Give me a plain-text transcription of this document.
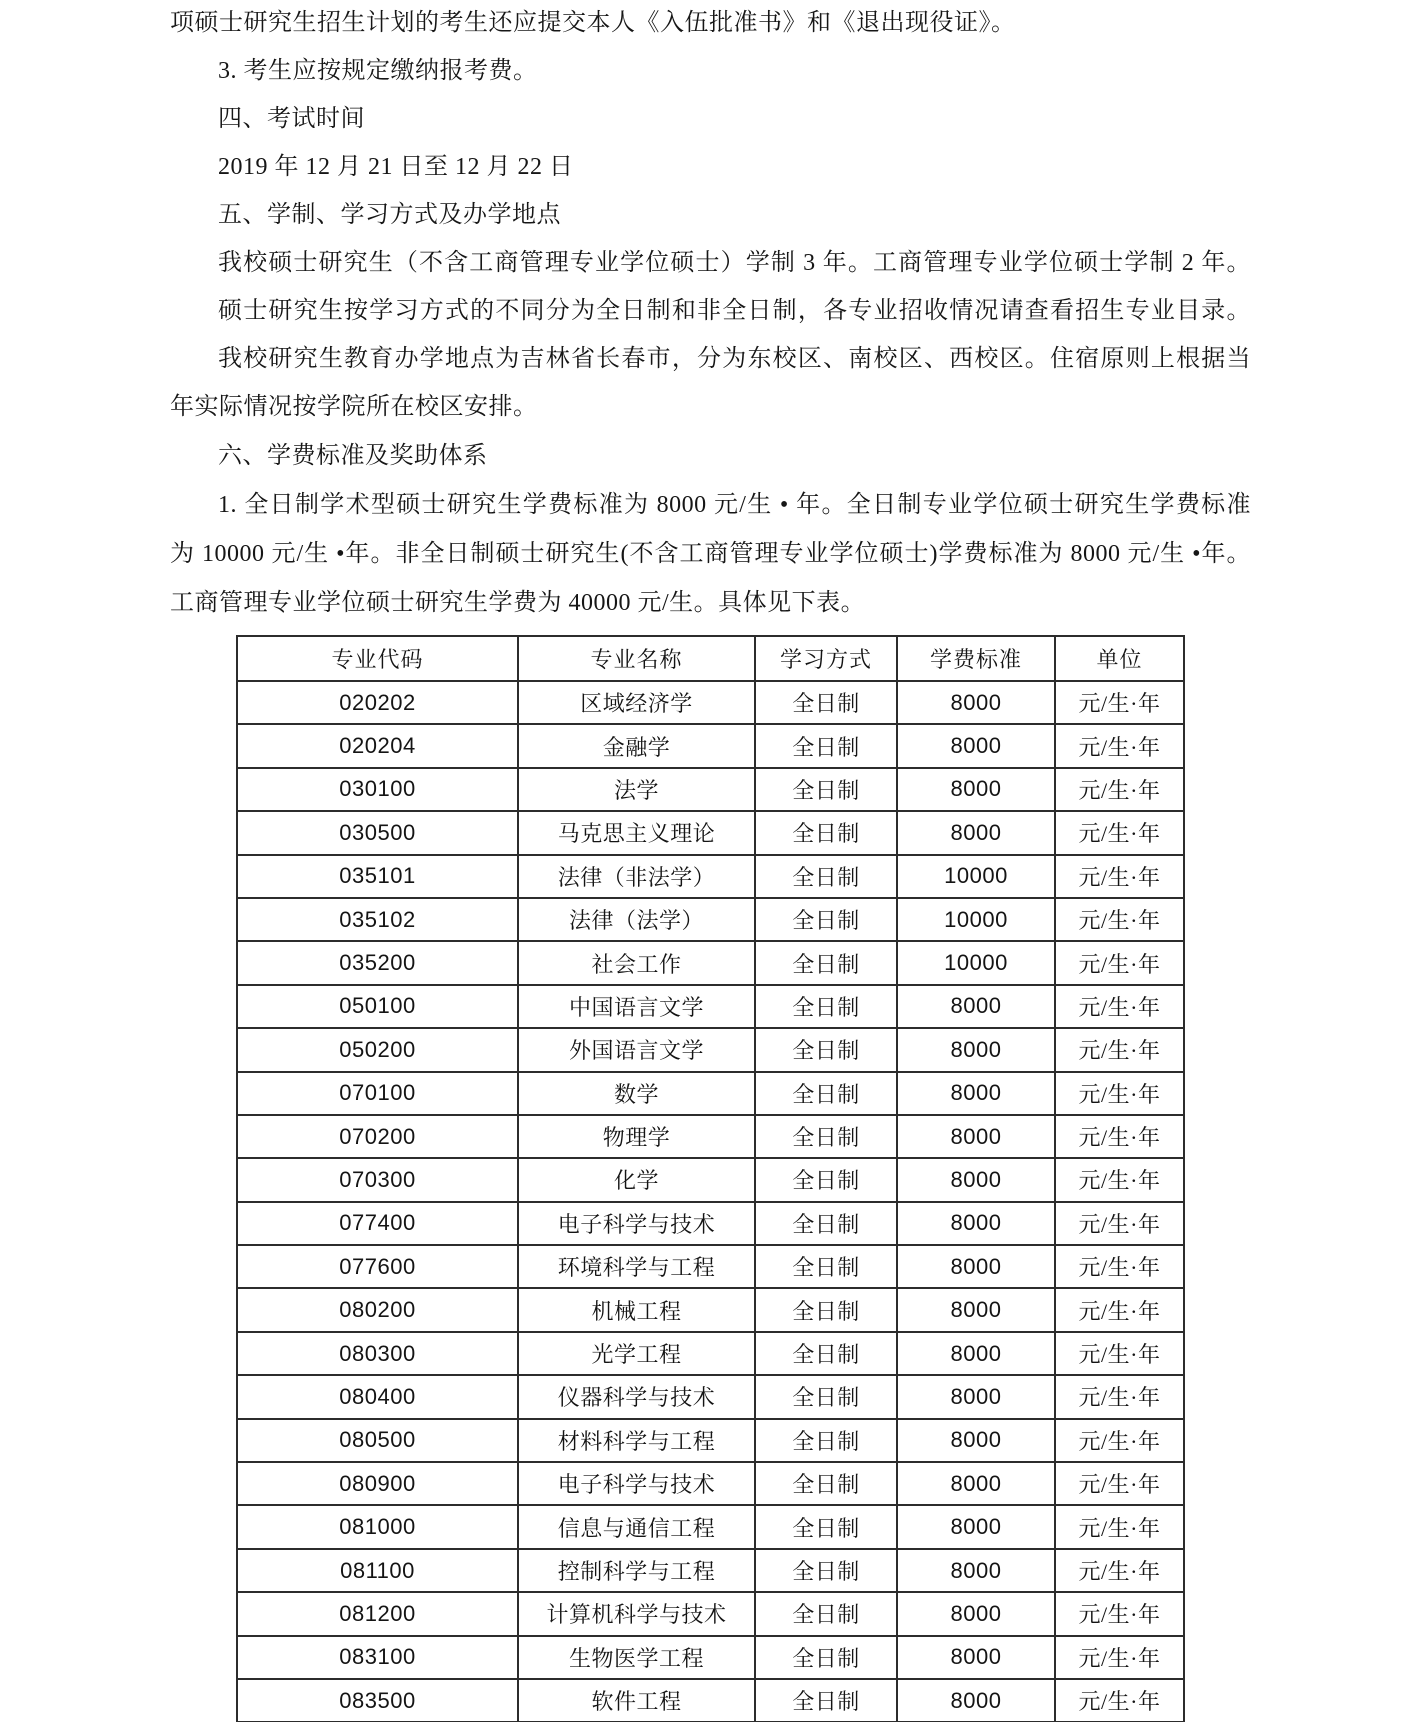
项硕士研究生招生计划的考生还应提交本人《入伍批准书》和《退出现役证》。
3. 考生应按规定缴纳报考费。
四、考试时间
2019 年 12 月 21 日至 12 月 22 日
五、学制、学习方式及办学地点
我校硕士研究生（不含工商管理专业学位硕士）学制 3 年。工商管理专业学位硕士学制 2 年。
硕士研究生按学习方式的不同分为全日制和非全日制，各专业招收情况请查看招生专业目录。
我校研究生教育办学地点为吉林省长春市，分为东校区、南校区、西校区。住宿原则上根据当
年实际情况按学院所在校区安排。
六、学费标准及奖助体系
1. 全日制学术型硕士研究生学费标准为 8000 元/生 • 年。全日制专业学位硕士研究生学费标准
为 10000 元/生 •年。非全日制硕士研究生(不含工商管理专业学位硕士)学费标准为 8000 元/生 •年。
工商管理专业学位硕士研究生学费为 40000 元/生。具体见下表。
专业代码	专业名称	学习方式	学费标准	单位
020202	区域经济学	全日制	8000	元/生·年
020204	金融学	全日制	8000	元/生·年
030100	法学	全日制	8000	元/生·年
030500	马克思主义理论	全日制	8000	元/生·年
035101	法律（非法学）	全日制	10000	元/生·年
035102	法律（法学）	全日制	10000	元/生·年
035200	社会工作	全日制	10000	元/生·年
050100	中国语言文学	全日制	8000	元/生·年
050200	外国语言文学	全日制	8000	元/生·年
070100	数学	全日制	8000	元/生·年
070200	物理学	全日制	8000	元/生·年
070300	化学	全日制	8000	元/生·年
077400	电子科学与技术	全日制	8000	元/生·年
077600	环境科学与工程	全日制	8000	元/生·年
080200	机械工程	全日制	8000	元/生·年
080300	光学工程	全日制	8000	元/生·年
080400	仪器科学与技术	全日制	8000	元/生·年
080500	材料科学与工程	全日制	8000	元/生·年
080900	电子科学与技术	全日制	8000	元/生·年
081000	信息与通信工程	全日制	8000	元/生·年
081100	控制科学与工程	全日制	8000	元/生·年
081200	计算机科学与技术	全日制	8000	元/生·年
083100	生物医学工程	全日制	8000	元/生·年
083500	软件工程	全日制	8000	元/生·年
